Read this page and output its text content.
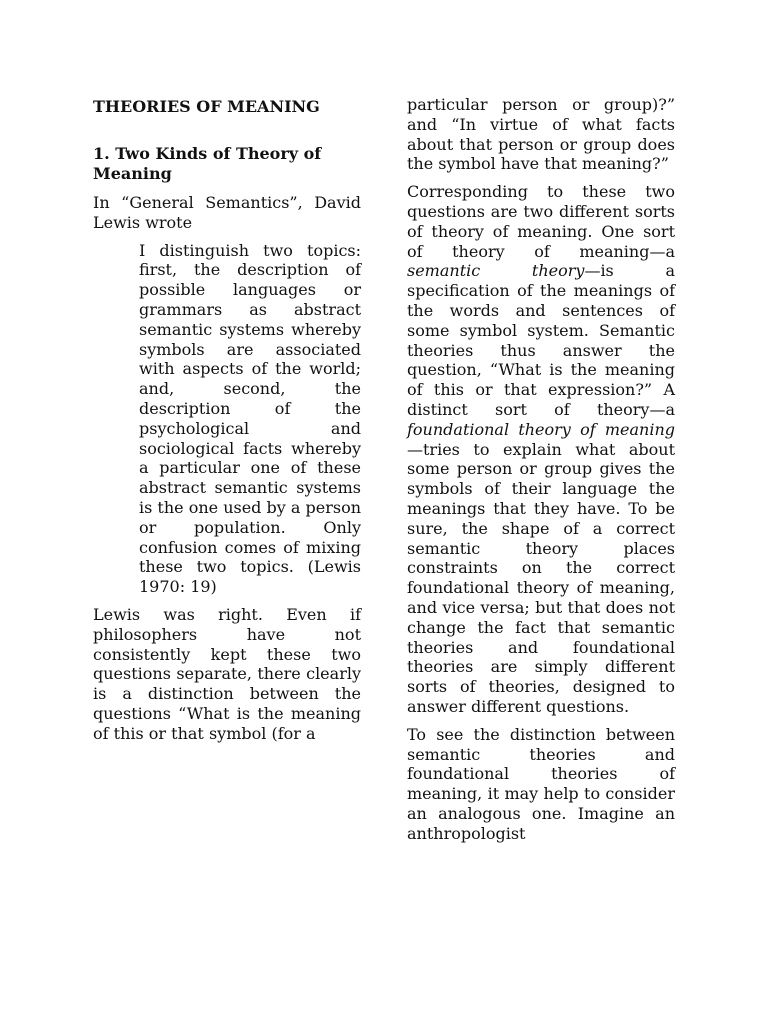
THEORIES OF MEANING
1. Two Kinds of Theory of Meaning

In “General Semantics”, David Lewis wrote

I distinguish two topics: first, the description of possible languages or grammars as abstract semantic systems whereby symbols are associated with aspects of the world; and, second, the description of the psychological and sociological facts whereby a particular one of these abstract semantic systems is the one used by a person or population. Only confusion comes of mixing these two topics. (Lewis 1970: 19)

Lewis was right. Even if philosophers have not consistently kept these two questions separate, there clearly is a distinction between the questions “What is the meaning of this or that symbol (for a

particular person or group)?” and “In virtue of what facts about that person or group does the symbol have that meaning?”

Corresponding to these two questions are two different sorts of theory of meaning. One sort of theory of meaning—a semantic theory—is a specification of the meanings of the words and sentences of some symbol system. Semantic theories thus answer the question, “What is the meaning of this or that expression?” A distinct sort of theory—a foundational theory of meaning—tries to explain what about some person or group gives the symbols of their language the meanings that they have. To be sure, the shape of a correct semantic theory places constraints on the correct foundational theory of meaning, and vice versa; but that does not change the fact that semantic theories and foundational theories are simply different sorts of theories, designed to answer different questions.

To see the distinction between semantic theories and foundational theories of meaning, it may help to consider an analogous one. Imagine an anthropologist
